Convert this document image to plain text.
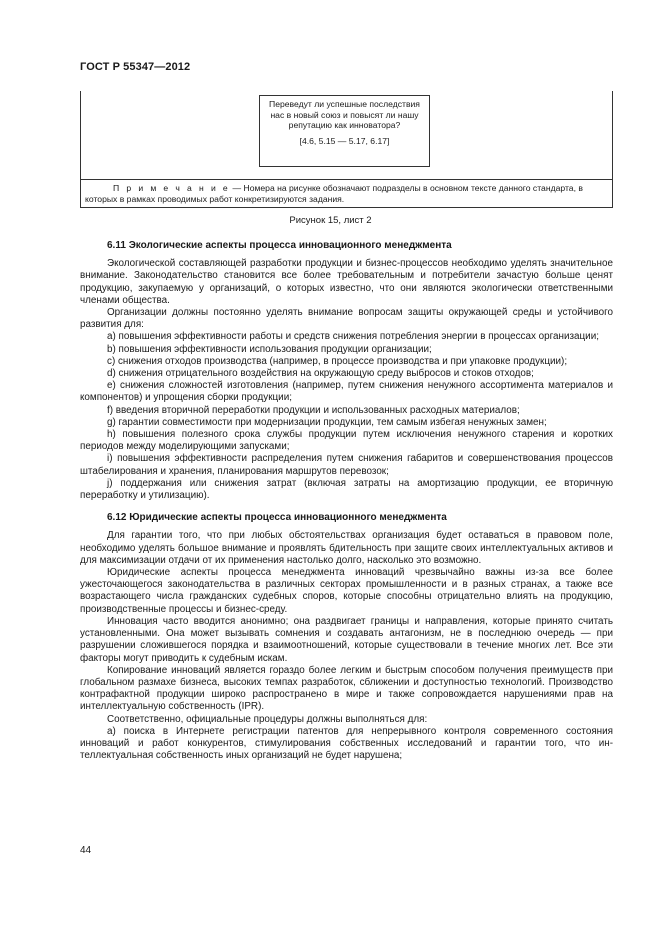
ГОСТ Р 55347—2012
Переведут ли успешные последствия нас в новый союз и повысят ли нашу репутацию как инноватора?
[4.6, 5.15 — 5.17, 6.17]
П р и м е ч а н и е — Номера на рисунке обозначают подразделы в основном тексте данного стандарта, в которых в рамках проводимых работ конкретизируются задания.
Рисунок 15, лист 2
6.11 Экологические аспекты процесса инновационного менеджмента

Экологической составляющей разработки продукции и бизнес-процессов необходимо уделять значительное внимание. Законодательство становится все более требовательным и потребители зачастую больше ценят продукцию, закупаемую у организаций, о которых известно, что они являются экологически ответственными членами общества.

Организации должны постоянно уделять внимание вопросам защиты окружающей среды и устойчивого развития для:

a) повышения эффективности работы и средств снижения потребления энергии в процессах организации;

b) повышения эффективности использования продукции организации;

c) снижения отходов производства (например, в процессе производства и при упаковке продукции);

d) снижения отрицательного воздействия на окружающую среду выбросов и стоков отходов;

e) снижения сложностей изготовления (например, путем снижения ненужного ассортимента материалов и компонентов) и упрощения сборки продукции;

f) введения вторичной переработки продукции и использованных расходных материалов;

g) гарантии совместимости при модернизации продукции, тем самым избегая ненужных замен;

h) повышения полезного срока службы продукции путем исключения ненужного старения и коротких периодов между моделирующими запусками;

i) повышения эффективности распределения путем снижения габаритов и совершенствования процессов штабелирования и хранения, планирования маршрутов перевозок;

j) поддержания или снижения затрат (включая затраты на амортизацию продукции, ее вторичную переработку и утилизацию).

6.12 Юридические аспекты процесса инновационного менеджмента

Для гарантии того, что при любых обстоятельствах организация будет оставаться в правовом поле, необходимо уделять большое внимание и проявлять бдительность при защите своих интеллектуальных активов и для максимизации отдачи от их применения настолько долго, насколько это возможно.

Юридические аспекты процесса менеджмента инноваций чрезвычайно важны из-за все более ужесточающегося законодательства в различных секторах промышленности и в разных странах, а также все возрастающего числа гражданских судебных споров, которые способны отрицательно влиять на продукцию, производственные процессы и бизнес-среду.

Инновация часто вводится анонимно; она раздвигает границы и направления, которые принято считать установленными. Она может вызывать сомнения и создавать антагонизм, не в последнюю очередь — при разрушении сложившегося порядка и взаимоотношений, которые существовали в течение многих лет. Все эти факторы могут приводить к судебным искам.

Копирование инноваций является гораздо более легким и быстрым способом получения преимуществ при глобальном размахе бизнеса, высоких темпах разработок, сближении и доступностью технологий. Производство контрафактной продукции широко распространено в мире и также сопровождается нарушениями прав на интеллектуальную собственность (IPR).

Соответственно, официальные процедуры должны выполняться для:

a) поиска в Интернете регистрации патентов для непрерывного контроля современного состояния инноваций и работ конкурентов, стимулирования собственных исследований и гарантии того, что интеллектуальная собственность иных организаций не будет нарушена;

44
